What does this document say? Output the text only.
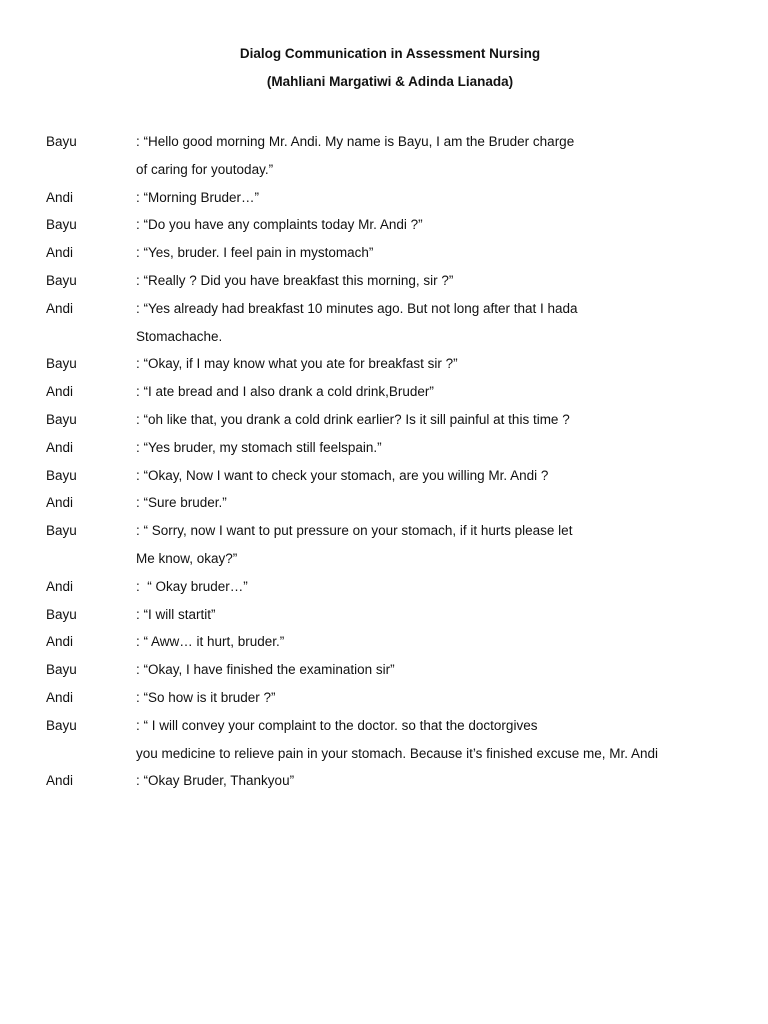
Dialog Communication in Assessment Nursing
(Mahliani Margatiwi & Adinda Lianada)
Bayu	: “Hello good morning Mr. Andi. My name is Bayu, I am the Bruder charge
of caring for youtoday.”
Andi	: “Morning Bruder…”
Bayu	: “Do you have any complaints today Mr. Andi ?”
Andi	: “Yes, bruder. I feel pain in mystomach”
Bayu	: “Really ? Did you have breakfast this morning, sir ?”
Andi	: “Yes already had breakfast 10 minutes ago. But not long after that I hada
Stomachache.
Bayu	: “Okay, if I may know what you ate for breakfast sir ?”
Andi	: “I ate bread and I also drank a cold drink,Bruder”
Bayu	: “oh like that, you drank a cold drink earlier? Is it sill painful at this time ?
Andi	: “Yes bruder, my stomach still feelspain.”
Bayu	: “Okay, Now I want to check your stomach, are you willing Mr. Andi ?
Andi	: “Sure bruder.”
Bayu	: “ Sorry, now I want to put pressure on your stomach, if it hurts please let
Me know, okay?”
Andi	:  “ Okay bruder…”
Bayu	: “I will startit”
Andi	: “ Aww… it hurt, bruder.”
Bayu	: “Okay, I have finished the examination sir”
Andi	: “So how is it bruder ?”
Bayu	: “ I will convey your complaint to the doctor. so that the doctorgives
you medicine to relieve pain in your stomach. Because it’s finished excuse me, Mr. Andi
Andi	: “Okay Bruder, Thankyou”
